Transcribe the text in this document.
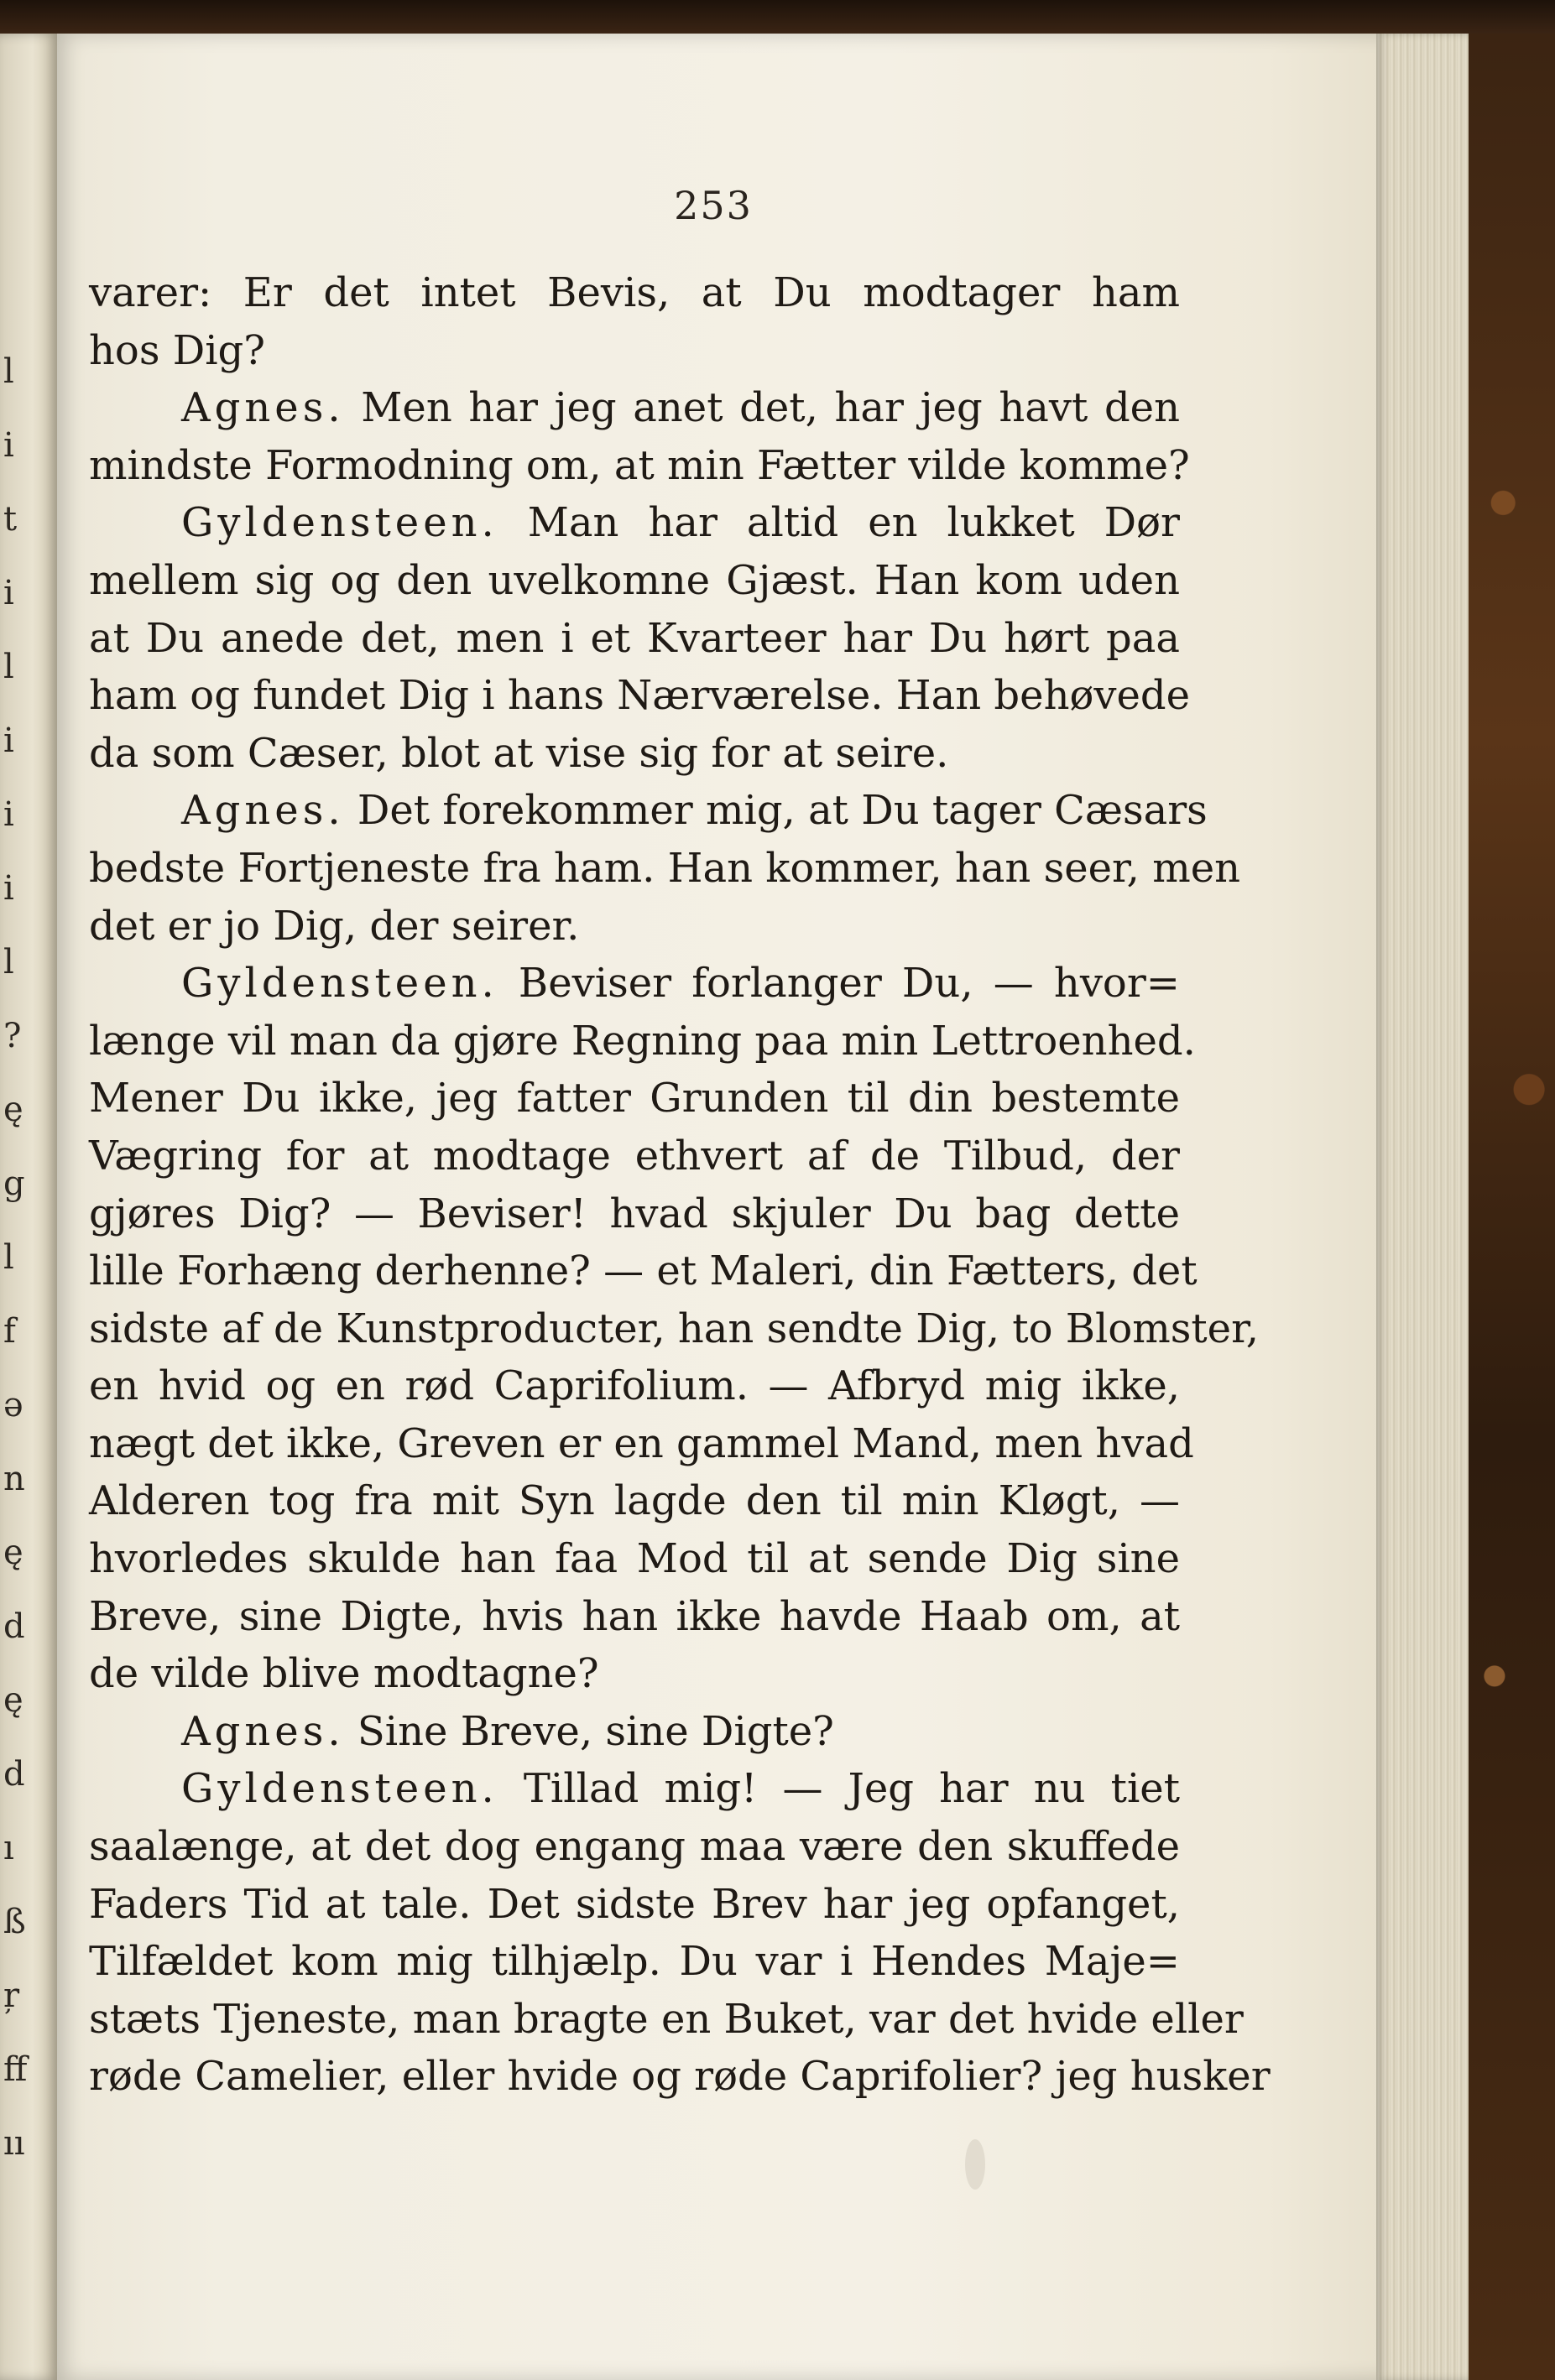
l
i
t
i
l
i
i
i
l
?
ę
g
l
f
ə
n
ę
d
ę
d
ı
ß
ŗ
ff
ıı
253
varer: Er det intet Bevis, at Du modtager ham
hos Dig?
Agnes. Men har jeg anet det, har jeg havt den
mindste Formodning om, at min Fætter vilde komme?
Gyldensteen. Man har altid en lukket Dør
mellem sig og den uvelkomne Gjæst. Han kom uden
at Du anede det, men i et Kvarteer har Du hørt paa
ham og fundet Dig i hans Nærværelse. Han behøvede
da som Cæser, blot at vise sig for at seire.
Agnes. Det forekommer mig, at Du tager Cæsars
bedste Fortjeneste fra ham. Han kommer, han seer, men
det er jo Dig, der seirer.
Gyldensteen. Beviser forlanger Du, — hvor=
længe vil man da gjøre Regning paa min Lettroenhed.
Mener Du ikke, jeg fatter Grunden til din bestemte
Vægring for at modtage ethvert af de Tilbud, der
gjøres Dig? — Beviser! hvad skjuler Du bag dette
lille Forhæng derhenne? — et Maleri, din Fætters, det
sidste af de Kunstproducter, han sendte Dig, to Blomster,
en hvid og en rød Caprifolium. — Afbryd mig ikke,
nægt det ikke, Greven er en gammel Mand, men hvad
Alderen tog fra mit Syn lagde den til min Kløgt, —
hvorledes skulde han faa Mod til at sende Dig sine
Breve, sine Digte, hvis han ikke havde Haab om, at
de vilde blive modtagne?
Agnes. Sine Breve, sine Digte?
Gyldensteen. Tillad mig! — Jeg har nu tiet
saalænge, at det dog engang maa være den skuffede
Faders Tid at tale. Det sidste Brev har jeg opfanget,
Tilfældet kom mig tilhjælp. Du var i Hendes Maje=
stæts Tjeneste, man bragte en Buket, var det hvide eller
røde Camelier, eller hvide og røde Caprifolier? jeg husker
